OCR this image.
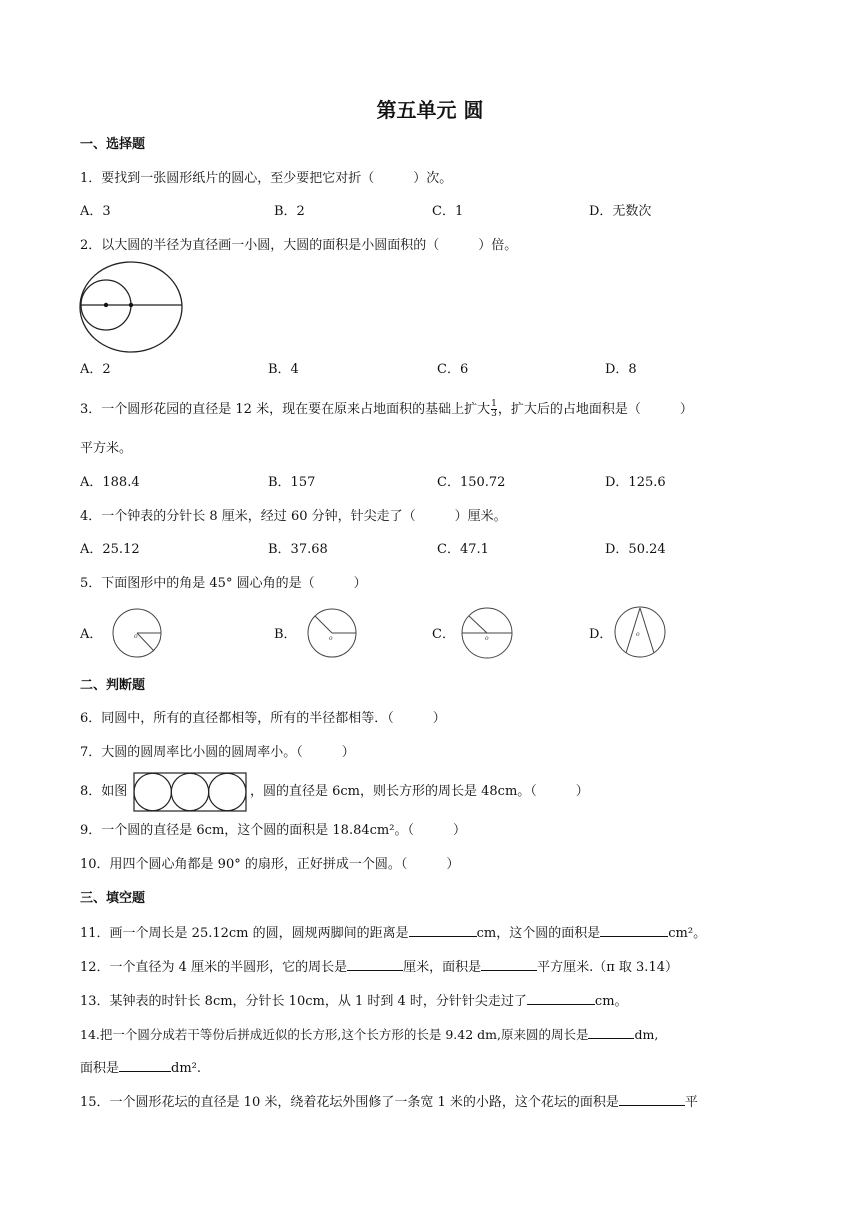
第五单元 圆
一、选择题
1．要找到一张圆形纸片的圆心，至少要把它对折（　　　）次。
A．3	B．2	C．1	D．无数次
2．以大圆的半径为直径画一小圆，大圆的面积是小圆面积的（　　　）倍。
A．2	B．4	C．6	D．8
3．一个圆形花园的直径是 12 米，现在要在原来占地面积的基础上扩大 $\frac{1}{3}$ ，扩大后的占地面积是（　　　）
平方米。
A．188.4	B．157	C．150.72	D．125.6
4．一个钟表的分针长 8 厘米，经过 60 分钟，针尖走了（　　　）厘米。
A．25.12	B．37.68	C．47.1	D．50.24
5．下面图形中的角是 45° 圆心角的是（　　　）
A．	o	B．	o	C．	o	D．	o
二、判断题
6．同圆中，所有的直径都相等，所有的半径都相等．（　　　）
7．大圆的圆周率比小圆的圆周率小。（　　　）
8．如图	，圆的直径是 6cm，则长方形的周长是 48cm。（　　　）
9．一个圆的直径是 6cm，这个圆的面积是 18.84cm²。（　　　）
10．用四个圆心角都是 90° 的扇形，正好拼成一个圆。（　　　）
三、填空题
11．画一个周长是 25.12cm 的圆，圆规两脚间的距离是	cm，这个圆的面积是	cm²。
12．一个直径为 4 厘米的半圆形，它的周长是	厘米，面积是	平方厘米.（π 取 3.14）
13．某钟表的时针长 8cm，分针长 10cm，从 1 时到 4 时，分针针尖走过了	cm。
14.把一个圆分成若干等份后拼成近似的长方形,这个长方形的长是 9.42 dm,原来圆的周长是	dm,
面积是	dm².
15．一个圆形花坛的直径是 10 米，绕着花坛外围修了一条宽 1 米的小路，这个花坛的面积是	平
